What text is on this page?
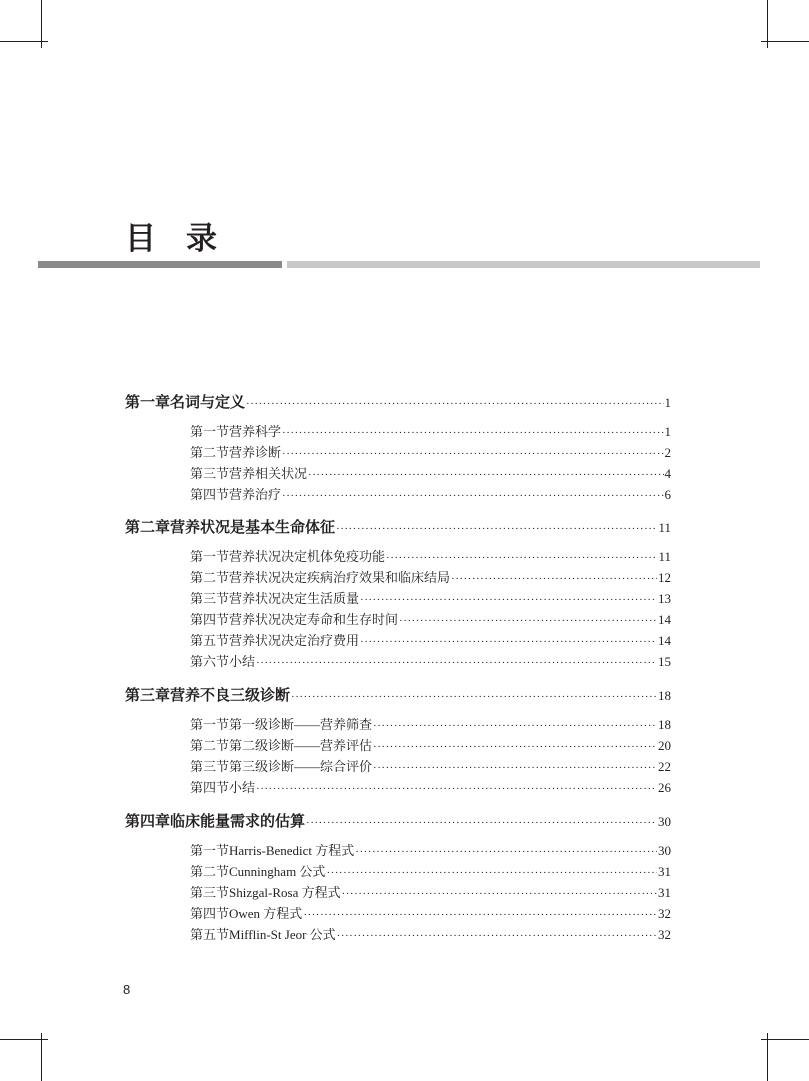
目录
第一章 名词与定义 ·····	1
第一节 营养科学 ·····	1
第二节 营养诊断 ·····	2
第三节 营养相关状况 ·····	4
第四节 营养治疗 ·····	6
第二章 营养状况是基本生命体征 ·····	11
第一节 营养状况决定机体免疫功能 ·····	11
第二节 营养状况决定疾病治疗效果和临床结局 ·····	12
第三节 营养状况决定生活质量 ·····	13
第四节 营养状况决定寿命和生存时间 ·····	14
第五节 营养状况决定治疗费用 ·····	14
第六节 小结 ·····	15
第三章 营养不良三级诊断 ·····	18
第一节 第一级诊断——营养筛查 ·····	18
第二节 第二级诊断——营养评估 ·····	20
第三节 第三级诊断——综合评价 ·····	22
第四节 小结 ·····	26
第四章 临床能量需求的估算 ·····	30
第一节 Harris-Benedict 方程式 ·····	30
第二节 Cunningham 公式 ·····	31
第三节 Shizgal-Rosa 方程式 ·····	31
第四节 Owen 方程式 ·····	32
第五节 Mifflin-St Jeor 公式 ·····	32
8
